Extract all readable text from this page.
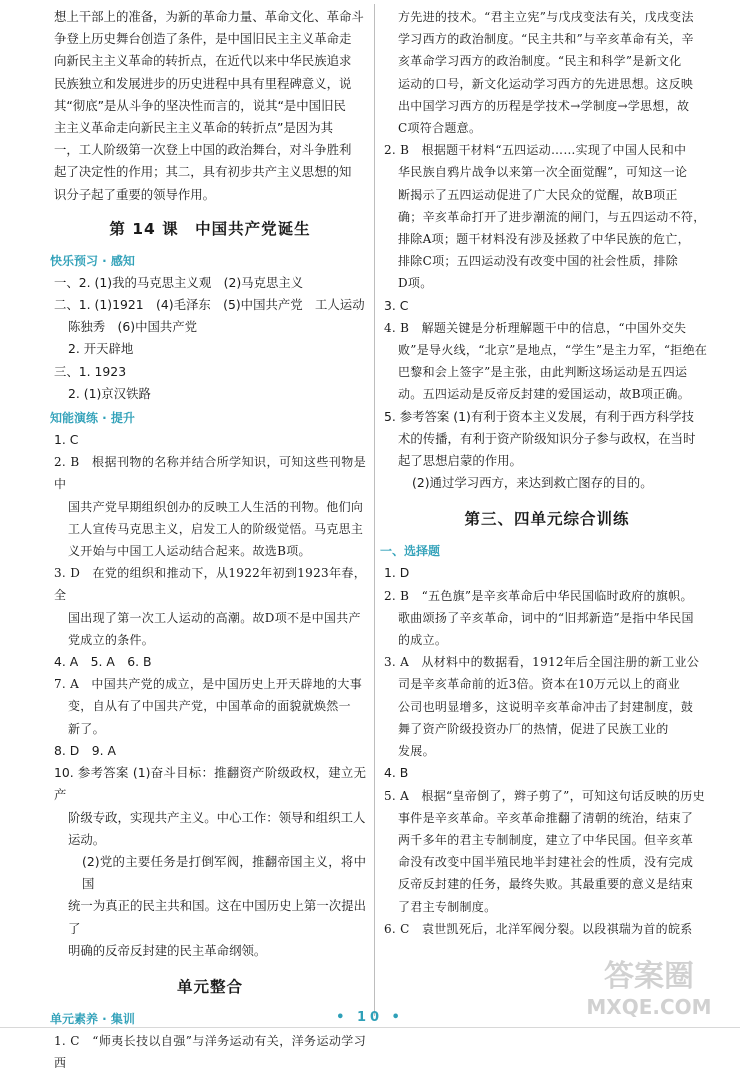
想上干部上的准备，为新的革命力量、革命文化、革命斗

争登上历史舞台创造了条件，是中国旧民主主义革命走

向新民主主义革命的转折点，在近代以来中华民族追求

民族独立和发展进步的历史进程中具有里程碑意义，说

其“彻底”是从斗争的坚决性而言的，说其“是中国旧民

主主义革命走向新民主主义革命的转折点”是因为其

一，工人阶级第一次登上中国的政治舞台，对斗争胜利

起了决定性的作用；其二，具有初步共产主义思想的知

识分子起了重要的领导作用。

第 14 课　中国共产党诞生
快乐预习 · 感知

一、2. (1)我的马克思主义观　(2)马克思主义

二、1. (1)1921　(4)毛泽东　(5)中国共产党　工人运动

陈独秀　(6)中国共产党

2. 开天辟地

三、1. 1923

2. (1)京汉铁路

知能演练 · 提升

1. C

2. B　根据刊物的名称并结合所学知识，可知这些刊物是中

国共产党早期组织创办的反映工人生活的刊物。他们向

工人宣传马克思主义，启发工人的阶级觉悟。马克思主

义开始与中国工人运动结合起来。故选B项。

3. D　在党的组织和推动下，从1922年初到1923年春，全

国出现了第一次工人运动的高潮。故D项不是中国共产

党成立的条件。

4. A　5. A　6. B

7. A　中国共产党的成立，是中国历史上开天辟地的大事

变，自从有了中国共产党，中国革命的面貌就焕然一

新了。

8. D　9. A

10. 参考答案 (1)奋斗目标：推翻资产阶级政权，建立无产

阶级专政，实现共产主义。中心工作：领导和组织工人

运动。

(2)党的主要任务是打倒军阀，推翻帝国主义，将中国

统一为真正的民主共和国。这在中国历史上第一次提出了

明确的反帝反封建的民主革命纲领。

单元整合
单元素养 · 集训

1. C　“师夷长技以自强”与洋务运动有关，洋务运动学习西

方先进的技术。“君主立宪”与戊戌变法有关，戊戌变法

学习西方的政治制度。“民主共和”与辛亥革命有关，辛

亥革命学习西方的政治制度。“民主和科学”是新文化

运动的口号，新文化运动学习西方的先进思想。这反映

出中国学习西方的历程是学技术→学制度→学思想，故

C项符合题意。

2. B　根据题干材料“五四运动……实现了中国人民和中

华民族自鸦片战争以来第一次全面觉醒”，可知这一论

断揭示了五四运动促进了广大民众的觉醒，故B项正

确；辛亥革命打开了进步潮流的闸门，与五四运动不符，

排除A项；题干材料没有涉及拯救了中华民族的危亡，

排除C项；五四运动没有改变中国的社会性质，排除

D项。

3. C

4. B　解题关键是分析理解题干中的信息，“中国外交失

败”是导火线，“北京”是地点，“学生”是主力军，“拒绝在

巴黎和会上签字”是主张，由此判断这场运动是五四运

动。五四运动是反帝反封建的爱国运动，故B项正确。

5. 参考答案 (1)有利于资本主义发展，有利于西方科学技

术的传播，有利于资产阶级知识分子参与政权，在当时

起了思想启蒙的作用。

(2)通过学习西方，来达到救亡图存的目的。

第三、四单元综合训练
一、选择题

1. D

2. B　“五色旗”是辛亥革命后中华民国临时政府的旗帜。

歌曲颂扬了辛亥革命，词中的“旧邦新造”是指中华民国

的成立。

3. A　从材料中的数据看，1912年后全国注册的新工业公

司是辛亥革命前的近3倍。资本在10万元以上的商业

公司也明显增多，这说明辛亥革命冲击了封建制度，鼓

舞了资产阶级投资办厂的热情，促进了民族工业的

发展。

4. B

5. A　根据“皇帝倒了，辫子剪了”，可知这句话反映的历史

事件是辛亥革命。辛亥革命推翻了清朝的统治，结束了

两千多年的君主专制制度，建立了中华民国。但辛亥革

命没有改变中国半殖民地半封建社会的性质，没有完成

反帝反封建的任务，最终失败。其最重要的意义是结束

了君主专制制度。

6. C　袁世凯死后，北洋军阀分裂。以段祺瑞为首的皖系

• 10 •
答案圈
MXQE.COM
